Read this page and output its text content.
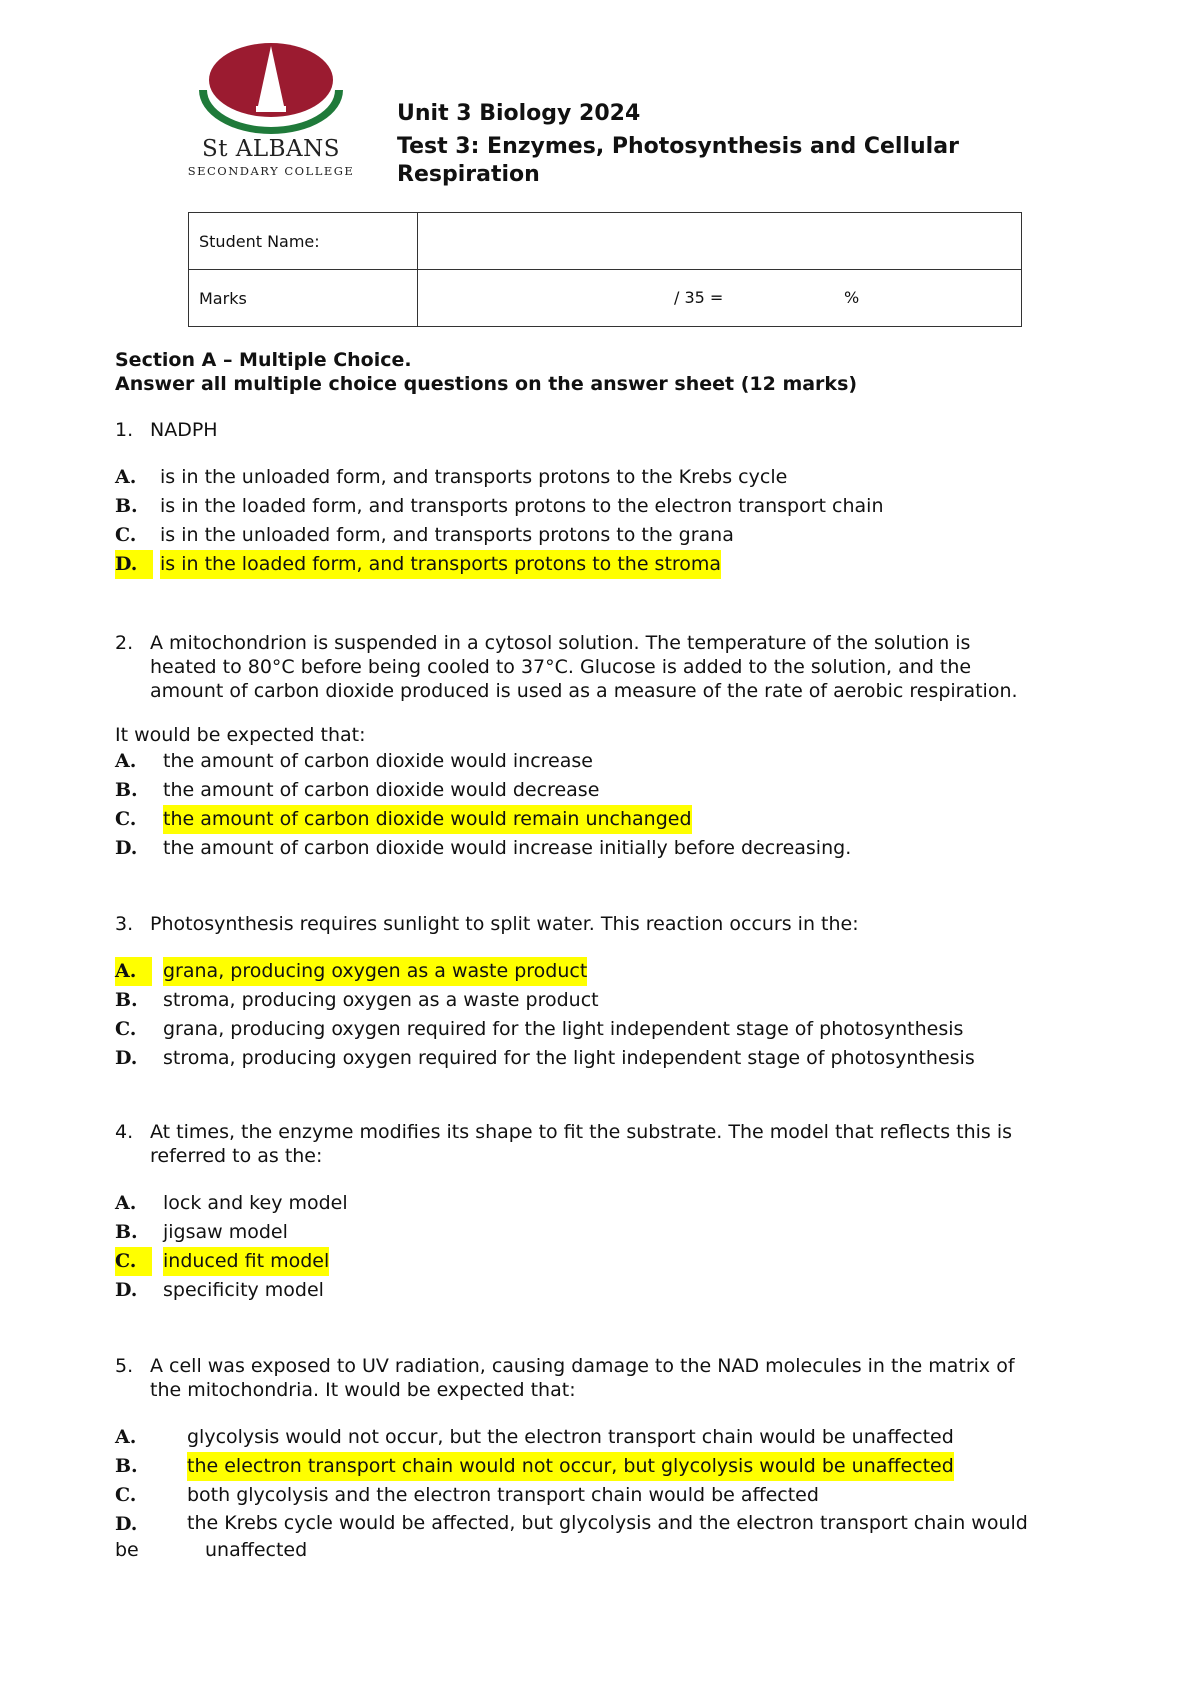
St ALBANS
SECONDARY COLLEGE

Unit 3 Biology 2024

Test 3: Enzymes, Photosynthesis and Cellular

Respiration

Student Name:	
Marks	/ 35 = %

Section A – Multiple Choice.

Answer all multiple choice questions on the answer sheet (12 marks)

1. NADPH

A. is in the unloaded form, and transports protons to the Krebs cycle
B. is in the loaded form, and transports protons to the electron transport chain
C. is in the unloaded form, and transports protons to the grana
D.	is in the loaded form, and transports protons to the stroma

2. A mitochondrion is suspended in a cytosol solution. The temperature of the solution is
heated to 80°C before being cooled to 37°C. Glucose is added to the solution, and the
amount of carbon dioxide produced is used as a measure of the rate of aerobic respiration.

It would be expected that:

A. the amount of carbon dioxide would increase
B. the amount of carbon dioxide would decrease
C. the amount of carbon dioxide would remain unchanged
D. the amount of carbon dioxide would increase initially before decreasing.

3. Photosynthesis requires sunlight to split water. This reaction occurs in the:

A.	grana, producing oxygen as a waste product
B. stroma, producing oxygen as a waste product
C. grana, producing oxygen required for the light independent stage of photosynthesis
D. stroma, producing oxygen required for the light independent stage of photosynthesis

4. At times, the enzyme modifies its shape to fit the substrate. The model that reflects this is
referred to as the:

A. lock and key model
B. jigsaw model
C.	induced fit model
D. specificity model

5. A cell was exposed to UV radiation, causing damage to the NAD molecules in the matrix of
the mitochondria. It would be expected that:

A.	glycolysis would not occur, but the electron transport chain would be unaffected
B.	the electron transport chain would not occur, but glycolysis would be unaffected
C.	both glycolysis and the electron transport chain would be affected
D.	the Krebs cycle would be affected, but glycolysis and the electron transport chain would
be	unaffected
